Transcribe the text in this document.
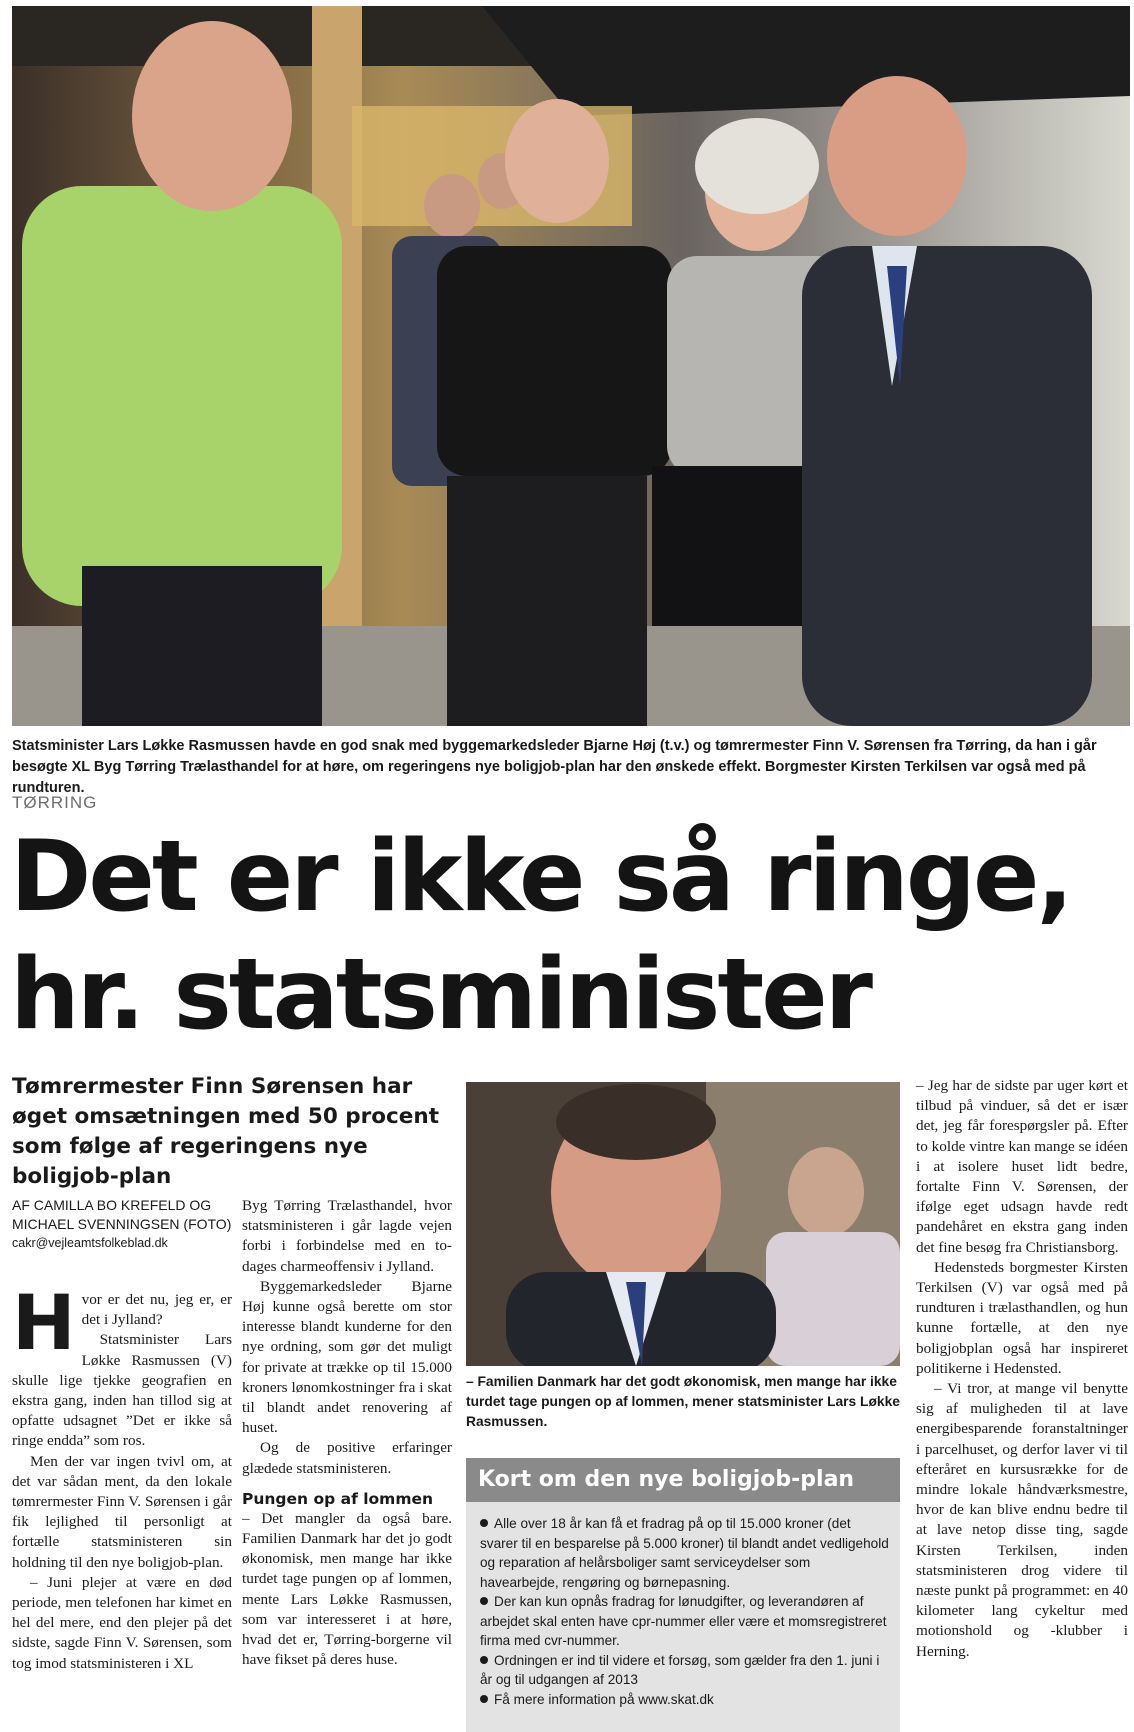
Statsminister Lars Løkke Rasmussen havde en god snak med byggemarkedsleder Bjarne Høj (t.v.) og tømrermester Finn V. Sørensen fra Tørring, da han i går besøgte XL Byg Tørring Trælasthandel for at høre, om regeringens nye boligjob-plan har den ønskede effekt. Borgmester Kirsten Terkilsen var også med på rundturen.
TØRRING
Det er ikke så ringe,
hr. statsminister
Tømrermester Finn Sørensen har øget omsætningen med 50 procent som følge af regeringens nye boligjob-plan
AF CAMILLA BO KREFELD OG
MICHAEL SVENNINGSEN (FOTO)
cakr@vejleamtsfolkeblad.dk
H vor er det nu, jeg er, er det i Jylland?

Statsminister Lars Løkke Rasmussen (V) skulle lige tjekke geografien en ekstra gang, inden han tillod sig at opfatte udsagnet ”Det er ikke så ringe endda” som ros.

Men der var ingen tvivl om, at det var sådan ment, da den lokale tømrermester Finn V. Sørensen i går fik lejlighed til personligt at fortælle statsministeren sin holdning til den nye boligjob-plan.

– Juni plejer at være en død periode, men telefonen har kimet en hel del mere, end den plejer på det sidste, sagde Finn V. Sørensen, som tog imod statsministeren i XL

Byg Tørring Trælasthandel, hvor statsministeren i går lagde vejen forbi i forbindelse med en to-dages charmeoffensiv i Jylland.

Byggemarkedsleder Bjarne Høj kunne også berette om stor interesse blandt kunderne for den nye ordning, som gør det muligt for private at trække op til 15.000 kroners lønomkostninger fra i skat til blandt andet renovering af huset.

Og de positive erfaringer glædede statsministeren.

Pungen op af lommen

– Det mangler da også bare. Familien Danmark har det jo godt økonomisk, men mange har ikke turdet tage pungen op af lommen, mente Lars Løkke Rasmussen, som var interesseret i at høre, hvad det er, Tørring-borgerne vil have fikset på deres huse.

– Familien Danmark har det godt økonomisk, men mange har ikke turdet tage pungen op af lommen, mener statsminister Lars Løkke Rasmussen.
Kort om den nye boligjob-plan
Alle over 18 år kan få et fradrag på op til 15.000 kroner (det svarer til en besparelse på 5.000 kroner) til blandt andet vedligehold og reparation af helårsboliger samt serviceydelser som havearbejde, rengøring og børnepasning.
Der kan kun opnås fradrag for lønudgifter, og leverandøren af arbejdet skal enten have cpr-nummer eller være et momsregistreret firma med cvr-nummer.
Ordningen er ind til videre et forsøg, som gælder fra den 1. juni i år og til udgangen af 2013
Få mere information på www.skat.dk

– Jeg har de sidste par uger kørt et tilbud på vinduer, så det er især det, jeg får forespørgsler på. Efter to kolde vintre kan mange se idéen i at isolere huset lidt bedre, fortalte Finn V. Sørensen, der ifølge eget udsagn havde redt pandehåret en ekstra gang inden det fine besøg fra Christiansborg.

Hedensteds borgmester Kirsten Terkilsen (V) var også med på rundturen i trælasthandlen, og hun kunne fortælle, at den nye boligjobplan også har inspireret politikerne i Hedensted.

– Vi tror, at mange vil benytte sig af muligheden til at lave energibesparende foranstaltninger i parcelhuset, og derfor laver vi til efteråret en kursusrække for de mindre lokale håndværksmestre, hvor de kan blive endnu bedre til at lave netop disse ting, sagde Kirsten Terkilsen, inden statsministeren drog videre til næste punkt på programmet: en 40 kilometer lang cykeltur med motionshold og -klubber i Herning.
